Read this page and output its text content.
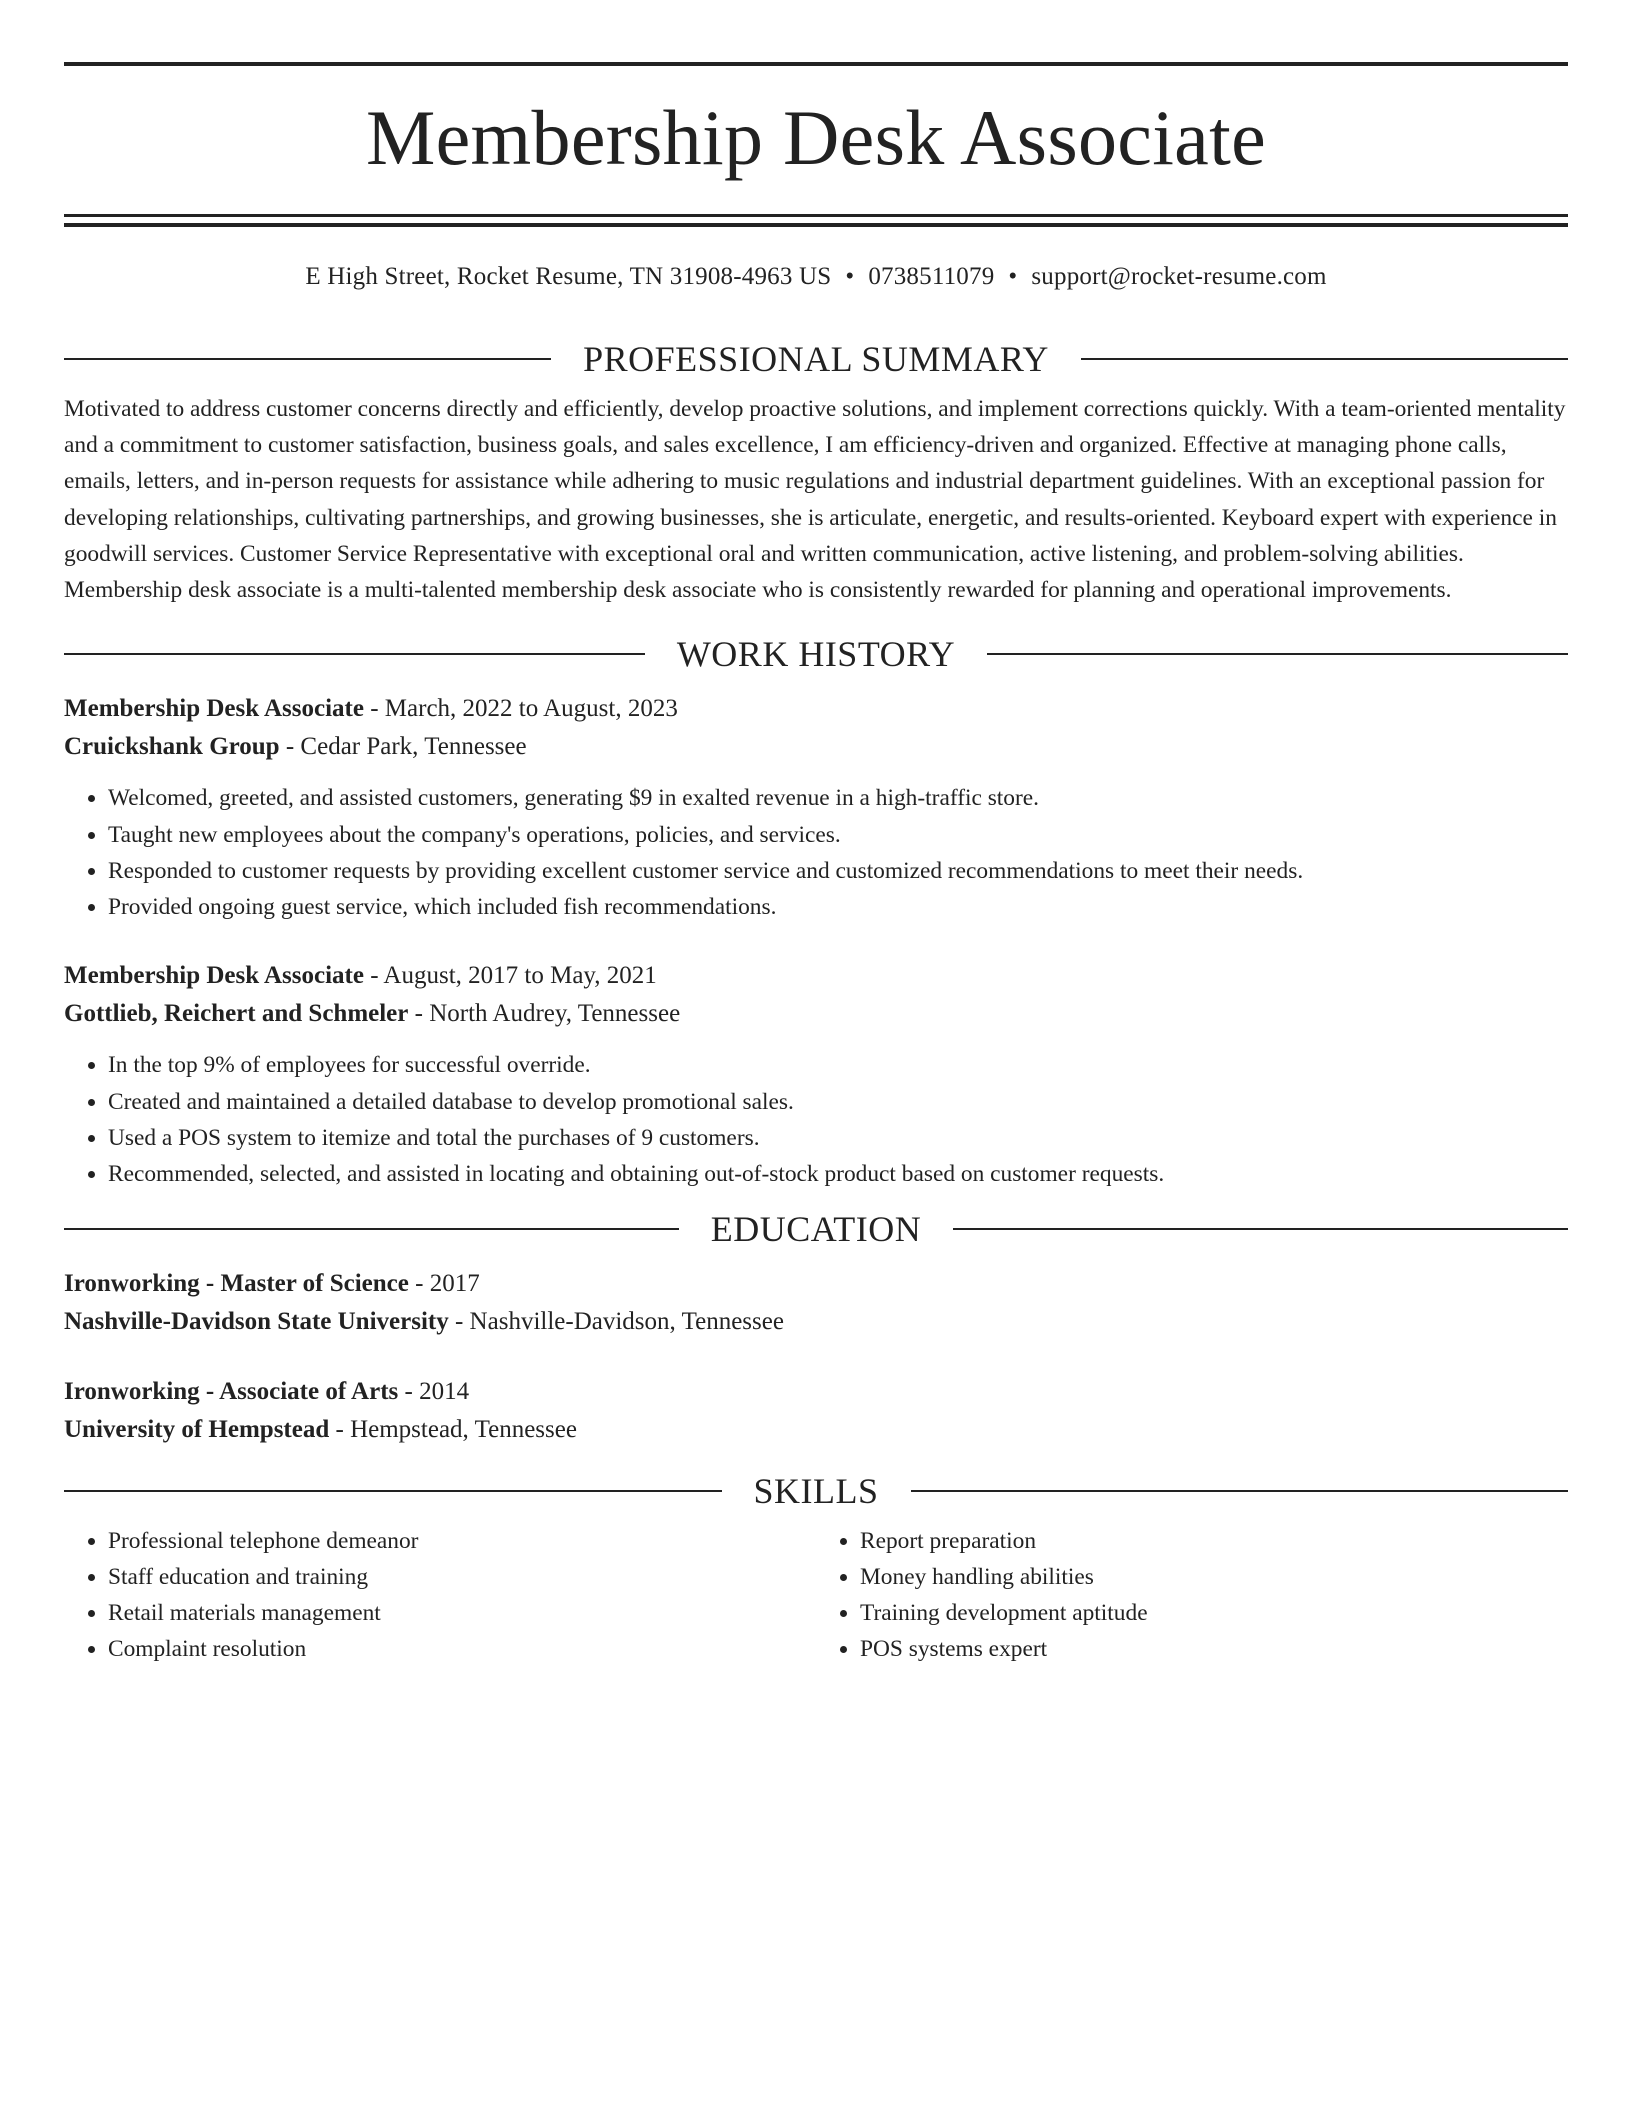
Membership Desk Associate
E High Street, Rocket Resume, TN 31908-4963 US • 0738511079 • support@rocket-resume.com
PROFESSIONAL SUMMARY
Motivated to address customer concerns directly and efficiently, develop proactive solutions, and implement corrections quickly. With a team-oriented mentality and a commitment to customer satisfaction, business goals, and sales excellence, I am efficiency-driven and organized. Effective at managing phone calls, emails, letters, and in-person requests for assistance while adhering to music regulations and industrial department guidelines. With an exceptional passion for developing relationships, cultivating partnerships, and growing businesses, she is articulate, energetic, and results-oriented. Keyboard expert with experience in goodwill services. Customer Service Representative with exceptional oral and written communication, active listening, and problem-solving abilities. Membership desk associate is a multi-talented membership desk associate who is consistently rewarded for planning and operational improvements.
WORK HISTORY
Membership Desk Associate - March, 2022 to August, 2023
Cruickshank Group - Cedar Park, Tennessee
• Welcomed, greeted, and assisted customers, generating $9 in exalted revenue in a high-traffic store.
• Taught new employees about the company's operations, policies, and services.
• Responded to customer requests by providing excellent customer service and customized recommendations to meet their needs.
• Provided ongoing guest service, which included fish recommendations.
Membership Desk Associate - August, 2017 to May, 2021
Gottlieb, Reichert and Schmeler - North Audrey, Tennessee
• In the top 9% of employees for successful override.
• Created and maintained a detailed database to develop promotional sales.
• Used a POS system to itemize and total the purchases of 9 customers.
• Recommended, selected, and assisted in locating and obtaining out-of-stock product based on customer requests.
EDUCATION
Ironworking - Master of Science - 2017
Nashville-Davidson State University - Nashville-Davidson, Tennessee
Ironworking - Associate of Arts - 2014
University of Hempstead - Hempstead, Tennessee
SKILLS
• Professional telephone demeanor
• Staff education and training
• Retail materials management
• Complaint resolution
• Report preparation
• Money handling abilities
• Training development aptitude
• POS systems expert
